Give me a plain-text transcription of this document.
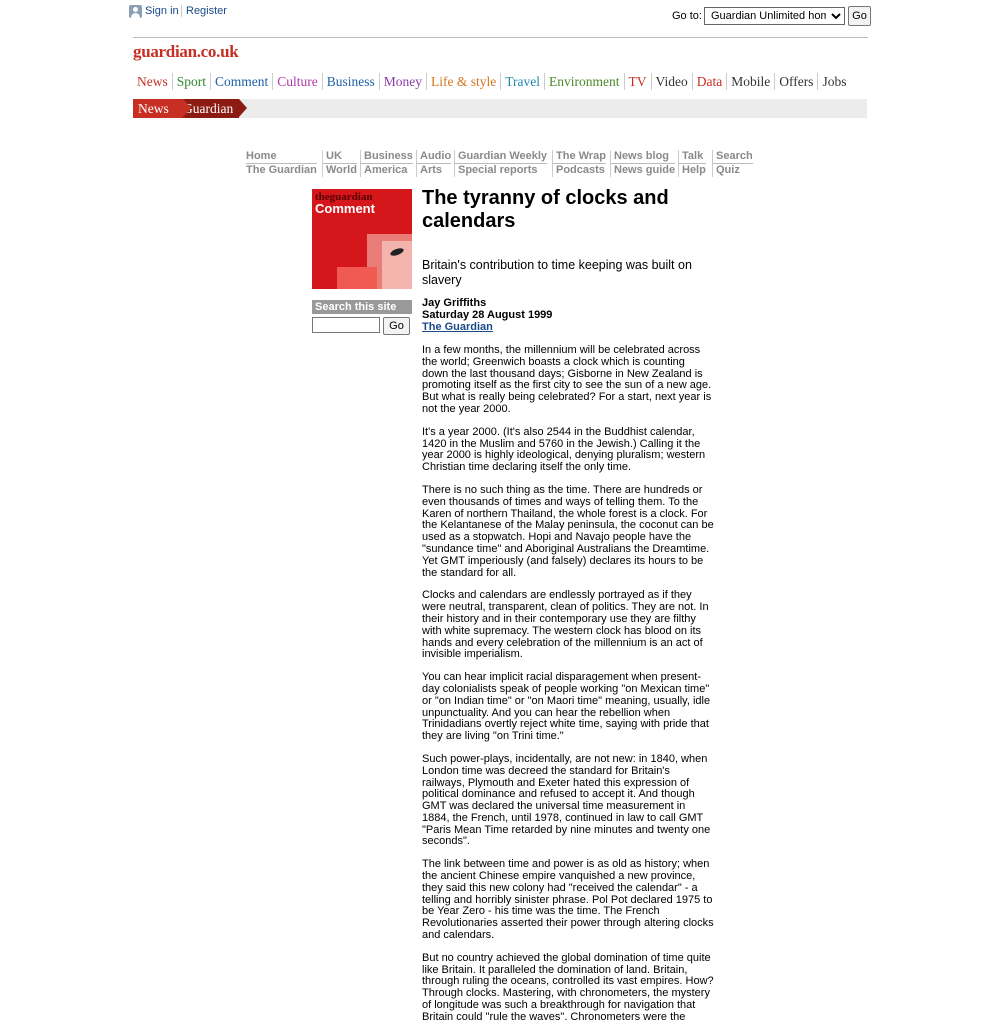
Sign in Register	Go to:
Guardian Unlimited home	Go
guardian.co.uk
News Sport Comment Culture Business Money Life & style Travel Environment TV Video Data Mobile Offers Jobs
Guardian
News
Home
The Guardian
UK
World
Business
America
Audio
Arts
Guardian Weekly
Special reports
The Wrap
Podcasts
News blog
News guide
Talk
Help
Search
Quiz
theguardian
Comment
Search this site
Go
The tyranny of clocks and calendars

Britain's contribution to time keeping was built on slavery

Jay Griffiths
Saturday 28 August 1999
The Guardian

In a few months, the millennium will be celebrated across the world; Greenwich boasts a clock which is counting down the last thousand days; Gisborne in New Zealand is promoting itself as the first city to see the sun of a new age. But what is really being celebrated? For a start, next year is not the year 2000.

It's a year 2000. (It's also 2544 in the Buddhist calendar, 1420 in the Muslim and 5760 in the Jewish.) Calling it the year 2000 is highly ideological, denying pluralism; western Christian time declaring itself the only time.

There is no such thing as the time. There are hundreds or even thousands of times and ways of telling them. To the Karen of northern Thailand, the whole forest is a clock. For the Kelantanese of the Malay peninsula, the coconut can be used as a stopwatch. Hopi and Navajo people have the "sundance time" and Aboriginal Australians the Dreamtime. Yet GMT imperiously (and falsely) declares its hours to be the standard for all.

Clocks and calendars are endlessly portrayed as if they were neutral, transparent, clean of politics. They are not. In their history and in their contemporary use they are filthy with white supremacy. The western clock has blood on its hands and every celebration of the millennium is an act of invisible imperialism.

You can hear implicit racial disparagement when present-day colonialists speak of people working "on Mexican time" or "on Indian time" or "on Maori time" meaning, usually, idle unpunctuality. And you can hear the rebellion when Trinidadians overtly reject white time, saying with pride that they are living "on Trini time."

Such power-plays, incidentally, are not new: in 1840, when London time was decreed the standard for Britain's railways, Plymouth and Exeter hated this expression of political dominance and refused to accept it. And though GMT was declared the universal time measurement in 1884, the French, until 1978, continued in law to call GMT "Paris Mean Time retarded by nine minutes and twenty one seconds".

The link between time and power is as old as history; when the ancient Chinese empire vanquished a new province, they said this new colony had "received the calendar" - a telling and horribly sinister phrase. Pol Pot declared 1975 to be Year Zero - his time was the time. The French Revolutionaries asserted their power through altering clocks and calendars.

But no country achieved the global domination of time quite like Britain. It paralleled the domination of land. Britain, through ruling the oceans, controlled its vast empires. How? Through clocks. Mastering, with chronometers, the mystery of longitude was such a breakthrough for navigation that Britain could "rule the waves". Chronometers were the
